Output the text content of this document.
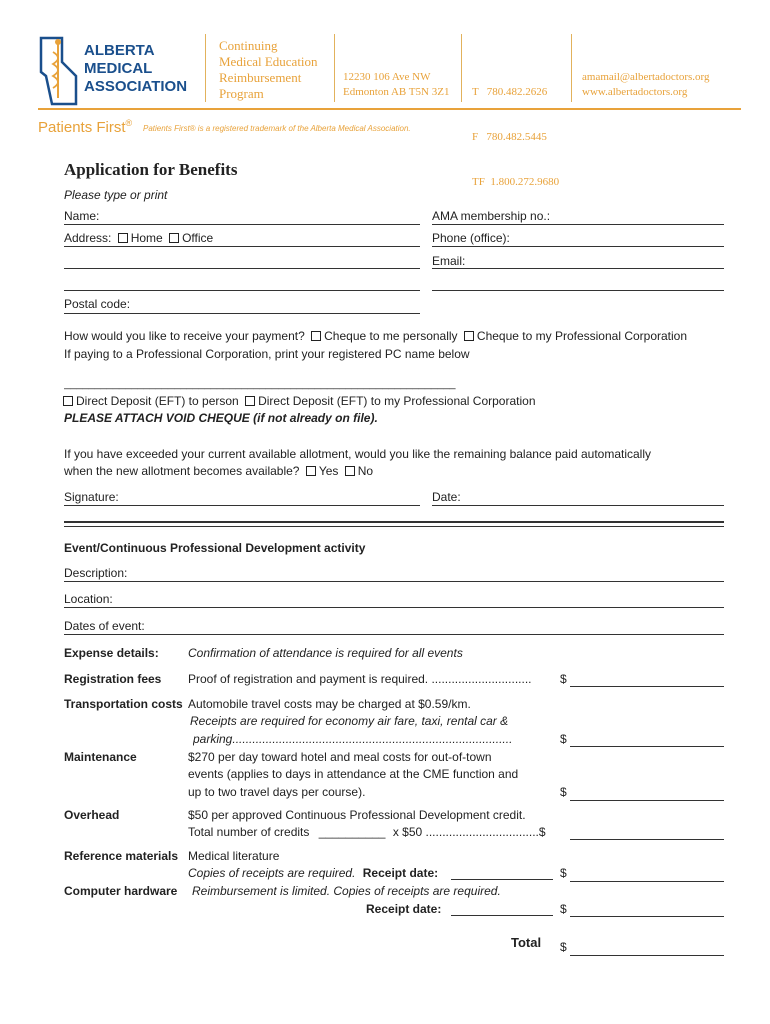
ALBERTA
MEDICAL
ASSOCIATION
Continuing
Medical Education
Reimbursement
Program
12230 106 Ave NW
Edmonton AB T5N 3Z1

T   780.482.2626

F   780.482.5445

TF  1.800.272.9680

amamail@albertadoctors.org
www.albertadoctors.org
Patients First®
Patients First® is a registered trademark of the Alberta Medical Association.
Application for Benefits
Please type or print
Name:	AMA membership no.:
Address: Home Office	Phone (office):
Email:
Postal code:
How would you like to receive your payment? Cheque to me personally Cheque to my Professional Corporation
If paying to a Professional Corporation, print your registered PC name below
________________________________________________________________
Direct Deposit (EFT) to person Direct Deposit (EFT) to my Professional Corporation
PLEASE ATTACH VOID CHEQUE (if not already on file).
If you have exceeded your current available allotment, would you like the remaining balance paid automatically
when the new allotment becomes available? Yes No
Signature:	Date:
Event/Continuous Professional Development activity
Description:
Location:
Dates of event:
Expense details: Confirmation of attendance is required for all events
Registration fees Proof of registration and payment is required. .............................. $
Transportation costs Automobile travel costs may be charged at $0.59/km.
Receipts are required for economy air fare, taxi, rental car &
parking....................................................................................	$
Maintenance	$270 per day toward hotel and meal costs for out-of-town
events (applies to days in attendance at the CME function and
up to two travel days per course).	$
Overhead	$50 per approved Continuous Professional Development credit.
Total number of credits __________ x $50 ..................................$
Reference materials Medical literature
Copies of receipts are required. Receipt date:	$
Computer hardware Reimbursement is limited. Copies of receipts are required.
Receipt date:	$
Total $
